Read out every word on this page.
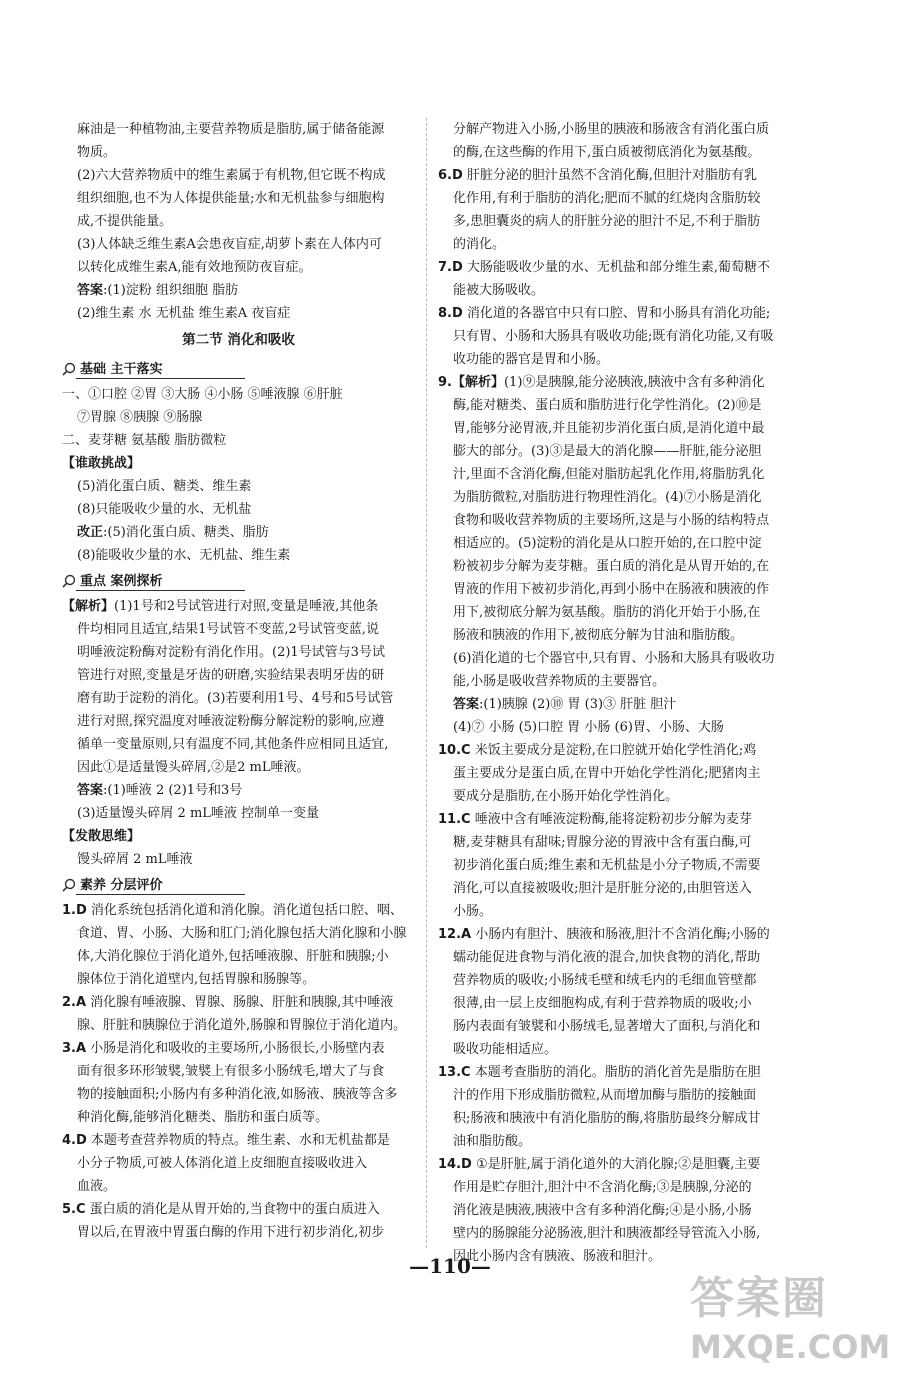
麻油是一种植物油,主要营养物质是脂肪,属于储备能源
物质。
(2)六大营养物质中的维生素属于有机物,但它既不构成
组织细胞,也不为人体提供能量;水和无机盐参与细胞构
成,不提供能量。
(3)人体缺乏维生素A会患夜盲症,胡萝卜素在人体内可
以转化成维生素A,能有效地预防夜盲症。
答案:(1)淀粉 组织细胞 脂肪
(2)维生素 水 无机盐 维生素A 夜盲症
第二节 消化和吸收
基础 主干落实
一、①口腔 ②胃 ③大肠 ④小肠 ⑤唾液腺 ⑥肝脏
⑦胃腺 ⑧胰腺 ⑨肠腺
二、麦芽糖 氨基酸 脂肪微粒
【谁敢挑战】
(5)消化蛋白质、糖类、维生素
(8)只能吸收少量的水、无机盐
改正:(5)消化蛋白质、糖类、脂肪
(8)能吸收少量的水、无机盐、维生素
重点 案例探析
【解析】(1)1号和2号试管进行对照,变量是唾液,其他条
件均相同且适宜,结果1号试管不变蓝,2号试管变蓝,说
明唾液淀粉酶对淀粉有消化作用。(2)1号试管与3号试
管进行对照,变量是牙齿的研磨,实验结果表明牙齿的研
磨有助于淀粉的消化。(3)若要利用1号、4号和5号试管
进行对照,探究温度对唾液淀粉酶分解淀粉的影响,应遵
循单一变量原则,只有温度不同,其他条件应相同且适宜,
因此①是适量馒头碎屑,②是2 mL唾液。
答案:(1)唾液 2 (2)1号和3号
(3)适量馒头碎屑 2 mL唾液 控制单一变量
【发散思维】
馒头碎屑 2 mL唾液
素养 分层评价
1.D 消化系统包括消化道和消化腺。消化道包括口腔、咽、
食道、胃、小肠、大肠和肛门;消化腺包括大消化腺和小腺
体,大消化腺位于消化道外,包括唾液腺、肝脏和胰腺;小
腺体位于消化道壁内,包括胃腺和肠腺等。
2.A 消化腺有唾液腺、胃腺、肠腺、肝脏和胰腺,其中唾液
腺、肝脏和胰腺位于消化道外,肠腺和胃腺位于消化道内。
3.A 小肠是消化和吸收的主要场所,小肠很长,小肠壁内表
面有很多环形皱襞,皱襞上有很多小肠绒毛,增大了与食
物的接触面积;小肠内有多种消化液,如肠液、胰液等含多
种消化酶,能够消化糖类、脂肪和蛋白质等。
4.D 本题考查营养物质的特点。维生素、水和无机盐都是
小分子物质,可被人体消化道上皮细胞直接吸收进入
血液。
5.C 蛋白质的消化是从胃开始的,当食物中的蛋白质进入
胃以后,在胃液中胃蛋白酶的作用下进行初步消化,初步
分解产物进入小肠,小肠里的胰液和肠液含有消化蛋白质
的酶,在这些酶的作用下,蛋白质被彻底消化为氨基酸。
6.D 肝脏分泌的胆汁虽然不含消化酶,但胆汁对脂肪有乳
化作用,有利于脂肪的消化;肥而不腻的红烧肉含脂肪较
多,患胆囊炎的病人的肝脏分泌的胆汁不足,不利于脂肪
的消化。
7.D 大肠能吸收少量的水、无机盐和部分维生素,葡萄糖不
能被大肠吸收。
8.D 消化道的各器官中只有口腔、胃和小肠具有消化功能;
只有胃、小肠和大肠具有吸收功能;既有消化功能,又有吸
收功能的器官是胃和小肠。
9.【解析】(1)⑨是胰腺,能分泌胰液,胰液中含有多种消化
酶,能对糖类、蛋白质和脂肪进行化学性消化。(2)⑩是
胃,能够分泌胃液,并且能初步消化蛋白质,是消化道中最
膨大的部分。(3)③是最大的消化腺——肝脏,能分泌胆
汁,里面不含消化酶,但能对脂肪起乳化作用,将脂肪乳化
为脂肪微粒,对脂肪进行物理性消化。(4)⑦小肠是消化
食物和吸收营养物质的主要场所,这是与小肠的结构特点
相适应的。(5)淀粉的消化是从口腔开始的,在口腔中淀
粉被初步分解为麦芽糖。蛋白质的消化是从胃开始的,在
胃液的作用下被初步消化,再到小肠中在肠液和胰液的作
用下,被彻底分解为氨基酸。脂肪的消化开始于小肠,在
肠液和胰液的作用下,被彻底分解为甘油和脂肪酸。
(6)消化道的七个器官中,只有胃、小肠和大肠具有吸收功
能,小肠是吸收营养物质的主要器官。
答案:(1)胰腺 (2)⑩ 胃 (3)③ 肝脏 胆汁
(4)⑦ 小肠 (5)口腔 胃 小肠 (6)胃、小肠、大肠
10.C 米饭主要成分是淀粉,在口腔就开始化学性消化;鸡
蛋主要成分是蛋白质,在胃中开始化学性消化;肥猪肉主
要成分是脂肪,在小肠开始化学性消化。
11.C 唾液中含有唾液淀粉酶,能将淀粉初步分解为麦芽
糖,麦芽糖具有甜味;胃腺分泌的胃液中含有蛋白酶,可
初步消化蛋白质;维生素和无机盐是小分子物质,不需要
消化,可以直接被吸收;胆汁是肝脏分泌的,由胆管送入
小肠。
12.A 小肠内有胆汁、胰液和肠液,胆汁不含消化酶;小肠的
蠕动能促进食物与消化液的混合,加快食物的消化,帮助
营养物质的吸收;小肠绒毛壁和绒毛内的毛细血管壁都
很薄,由一层上皮细胞构成,有利于营养物质的吸收;小
肠内表面有皱襞和小肠绒毛,显著增大了面积,与消化和
吸收功能相适应。
13.C 本题考查脂肪的消化。脂肪的消化首先是脂肪在胆
汁的作用下形成脂肪微粒,从而增加酶与脂肪的接触面
积;肠液和胰液中有消化脂肪的酶,将脂肪最终分解成甘
油和脂肪酸。
14.D ①是肝脏,属于消化道外的大消化腺;②是胆囊,主要
作用是贮存胆汁,胆汁中不含消化酶;③是胰腺,分泌的
消化液是胰液,胰液中含有多种消化酶;④是小肠,小肠
壁内的肠腺能分泌肠液,胆汁和胰液都经导管流入小肠,
因此小肠内含有胰液、肠液和胆汁。
—110—
答案圈
MXQE.COM
